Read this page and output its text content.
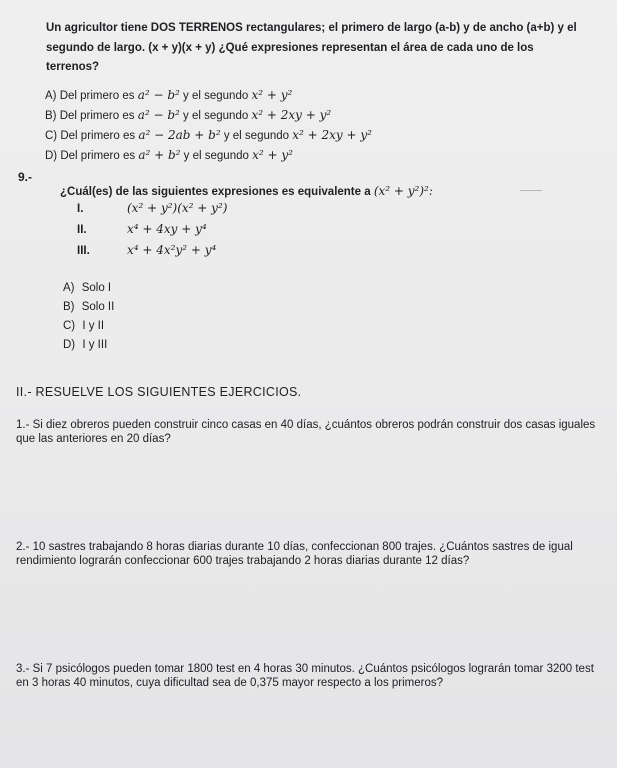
Un agricultor tiene DOS TERRENOS rectangulares; el primero de largo (a-b) y de ancho (a+b) y el
segundo de largo. (x + y)(x + y) ¿Qué expresiones representan el área de cada uno de los
terrenos?
A) Del primero es a² − b² y el segundo x² + y²
B) Del primero es a² − b² y el segundo x² + 2xy + y²
C) Del primero es a² − 2ab + b² y el segundo x² + 2xy + y²
D) Del primero es a² + b² y el segundo x² + y²
9.-
¿Cuál(es) de las siguientes expresiones es equivalente a (x² + y²)²:
I.	(x² + y²)(x² + y²)
II.	x⁴ + 4xy + y⁴
III.	x⁴ + 4x²y² + y⁴
A) Solo I
B) Solo II
C) I y II
D) I y III
II.- RESUELVE LOS SIGUIENTES EJERCICIOS.
1.- Si diez obreros pueden construir cinco casas en 40 días, ¿cuántos obreros podrán construir dos casas iguales que las anteriores en 20 días?
2.- 10 sastres trabajando 8 horas diarias durante 10 días, confeccionan 800 trajes. ¿Cuántos sastres de igual rendimiento lograrán confeccionar 600 trajes trabajando 2 horas diarias durante 12 días?
3.- Si 7 psicólogos pueden tomar 1800 test en 4 horas 30 minutos. ¿Cuántos psicólogos lograrán tomar 3200 test en 3 horas 40 minutos, cuya dificultad sea de 0,375 mayor respecto a los primeros?
